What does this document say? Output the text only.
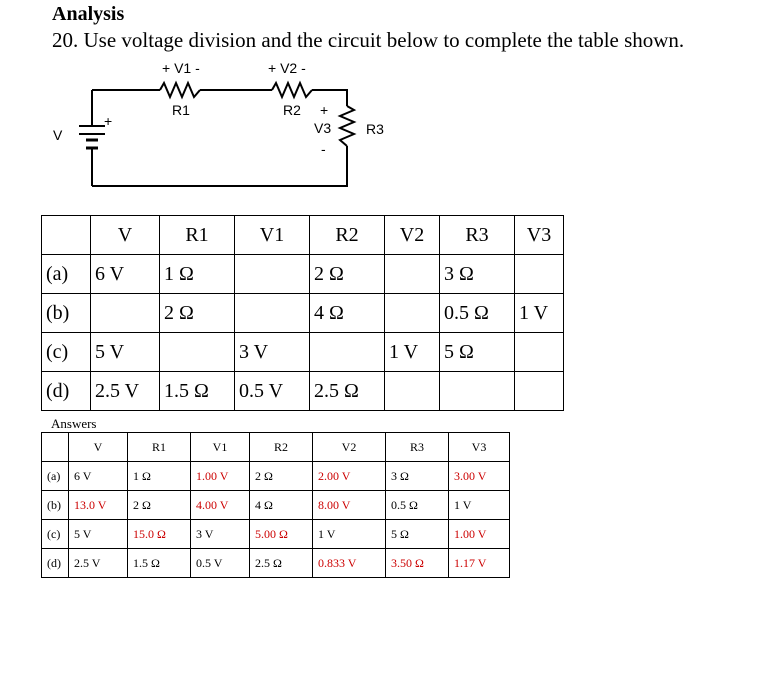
Analysis
20. Use voltage division and the circuit below to complete the table shown.
+ V1 -	+ V2 -
R1	R2 +
V3
-
R3
V
+
	V	R1	V1	R2	V2	R3	V3
(a)	6 V	1 Ω		2 Ω		3 Ω	
(b)		2 Ω		4 Ω		0.5 Ω	1 V
(c)	5 V		3 V		1 V	5 Ω	
(d)	2.5 V	1.5 Ω	0.5 V	2.5 Ω			
Answers
	V	R1	V1	R2	V2	R3	V3
(a)	6 V	1 Ω	1.00 V	2 Ω	2.00 V	3 Ω	3.00 V
(b)	13.0 V	2 Ω	4.00 V	4 Ω	8.00 V	0.5 Ω	1 V
(c)	5 V	15.0 Ω	3 V	5.00 Ω	1 V	5 Ω	1.00 V
(d)	2.5 V	1.5 Ω	0.5 V	2.5 Ω	0.833 V	3.50 Ω	1.17 V
